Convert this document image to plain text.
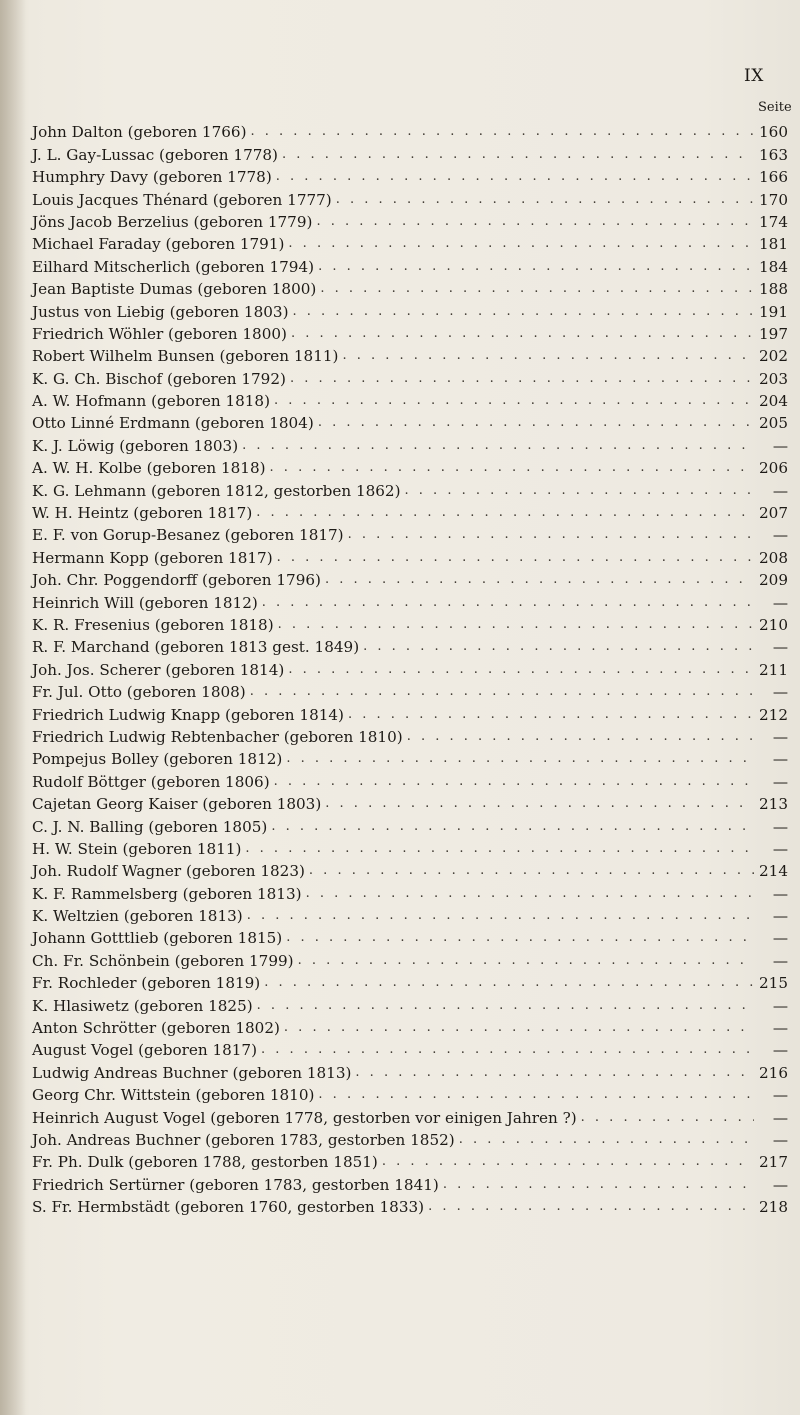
IX
Seite
John Dalton (geboren 1766) . . .	160
J. L. Gay-Lussac (geboren 1778) . . .	163
Humphry Davy (geboren 1778) . . .	166
Louis Jacques Thénard (geboren 1777) . . .	170
Jöns Jacob Berzelius (geboren 1779) . . .	174
Michael Faraday (geboren 1791) . . .	181
Eilhard Mitscherlich (geboren 1794) . . .	184
Jean Baptiste Dumas (geboren 1800) . . .	188
Justus von Liebig (geboren 1803) . . .	191
Friedrich Wöhler (geboren 1800) . . .	197
Robert Wilhelm Bunsen (geboren 1811) . . .	202
K. G. Ch. Bischof (geboren 1792) . . .	203
A. W. Hofmann (geboren 1818) . . .	204
Otto Linné Erdmann (geboren 1804) . . .	205
K. J. Löwig (geboren 1803) . . .	—
A. W. H. Kolbe (geboren 1818) . . .	206
K. G. Lehmann (geboren 1812, gestorben 1862) . . .	—
W. H. Heintz (geboren 1817) . . .	207
E. F. von Gorup-Besanez (geboren 1817) . . .	—
Hermann Kopp (geboren 1817) . . .	208
Joh. Chr. Poggendorff (geboren 1796) . . .	209
Heinrich Will (geboren 1812) . . .	—
K. R. Fresenius (geboren 1818) . . .	210
R. F. Marchand (geboren 1813 gest. 1849) . . .	—
Joh. Jos. Scherer (geboren 1814) . . .	211
Fr. Jul. Otto (geboren 1808) . . .	—
Friedrich Ludwig Knapp (geboren 1814) . . .	212
Friedrich Ludwig Rebtenbacher (geboren 1810) . . .	—
Pompejus Bolley (geboren 1812) . . .	—
Rudolf Böttger (geboren 1806) . . .	—
Cajetan Georg Kaiser (geboren 1803) . . .	213
C. J. N. Balling (geboren 1805) . . .	—
H. W. Stein (geboren 1811) . . .	—
Joh. Rudolf Wagner (geboren 1823) . . .	214
K. F. Rammelsberg (geboren 1813) . . .	—
K. Weltzien (geboren 1813) . . .	—
Johann Gotttlieb (geboren 1815) . . .	—
Ch. Fr. Schönbein (geboren 1799) . . .	—
Fr. Rochleder (geboren 1819) . . .	215
K. Hlasiwetz (geboren 1825) . . .	—
Anton Schrötter (geboren 1802) . . .	—
August Vogel (geboren 1817) . . .	—
Ludwig Andreas Buchner (geboren 1813) . . .	216
Georg Chr. Wittstein (geboren 1810) . . .	—
Heinrich August Vogel (geboren 1778, gestorben vor einigen Jahren ?) . . .	—
Joh. Andreas Buchner (geboren 1783, gestorben 1852) . . .	—
Fr. Ph. Dulk (geboren 1788, gestorben 1851) . . .	217
Friedrich Sertürner (geboren 1783, gestorben 1841) . . .	—
S. Fr. Hermbstädt (geboren 1760, gestorben 1833) . . .	218
